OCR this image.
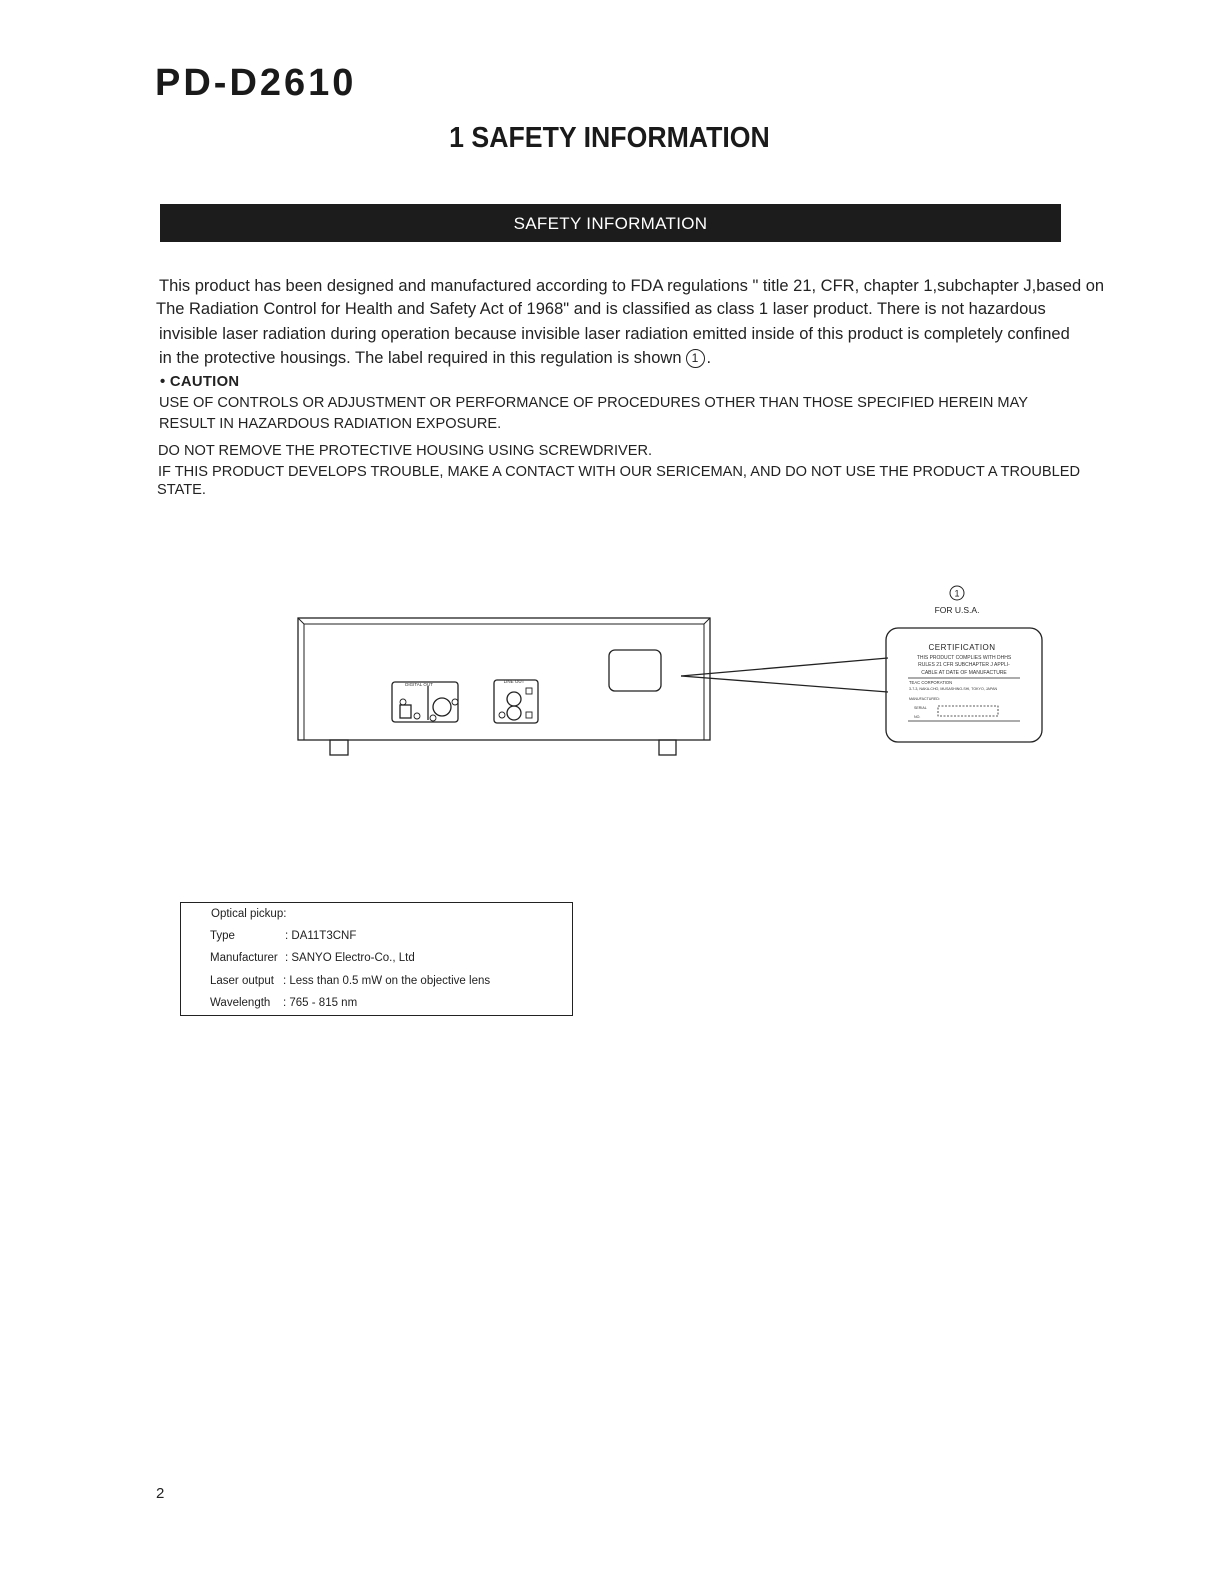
PD-D2610
1 SAFETY INFORMATION
SAFETY INFORMATION
This product has been designed and manufactured according to FDA regulations " title 21, CFR, chapter 1,subchapter J,based on
The Radiation Control for Health and Safety Act of 1968" and is classified as class 1 laser product. There is not hazardous
invisible laser radiation during operation because invisible laser radiation emitted inside of this product is completely confined
in the protective housings. The label required in this regulation is shown 1 .
• CAUTION
USE OF CONTROLS OR ADJUSTMENT OR PERFORMANCE OF PROCEDURES OTHER THAN THOSE SPECIFIED HEREIN MAY
RESULT IN HAZARDOUS RADIATION EXPOSURE.
DO NOT REMOVE THE PROTECTIVE HOUSING USING SCREWDRIVER.
IF THIS PRODUCT DEVELOPS TROUBLE, MAKE A CONTACT WITH OUR SERICEMAN, AND DO NOT USE THE PRODUCT A TROUBLED
STATE.
DIGITAL OUT
LINE OUT
1
FOR U.S.A.
CERTIFICATION
THIS PRODUCT COMPLIES WITH DHHS
RULES 21 CFR SUBCHAPTER J APPLI-
CABLE AT DATE OF MANUFACTURE
TEAC CORPORATION
3-7-3, NAKA-CHO, MUSASHINO-SHI, TOKYO, JAPAN
MANUFACTURED:
SERIAL
NO.
Optical pickup:
Type	: DA11T3CNF
Manufacturer : SANYO Electro-Co., Ltd
Laser output : Less than 0.5 mW on the objective lens
Wavelength : 765 - 815 nm
2
